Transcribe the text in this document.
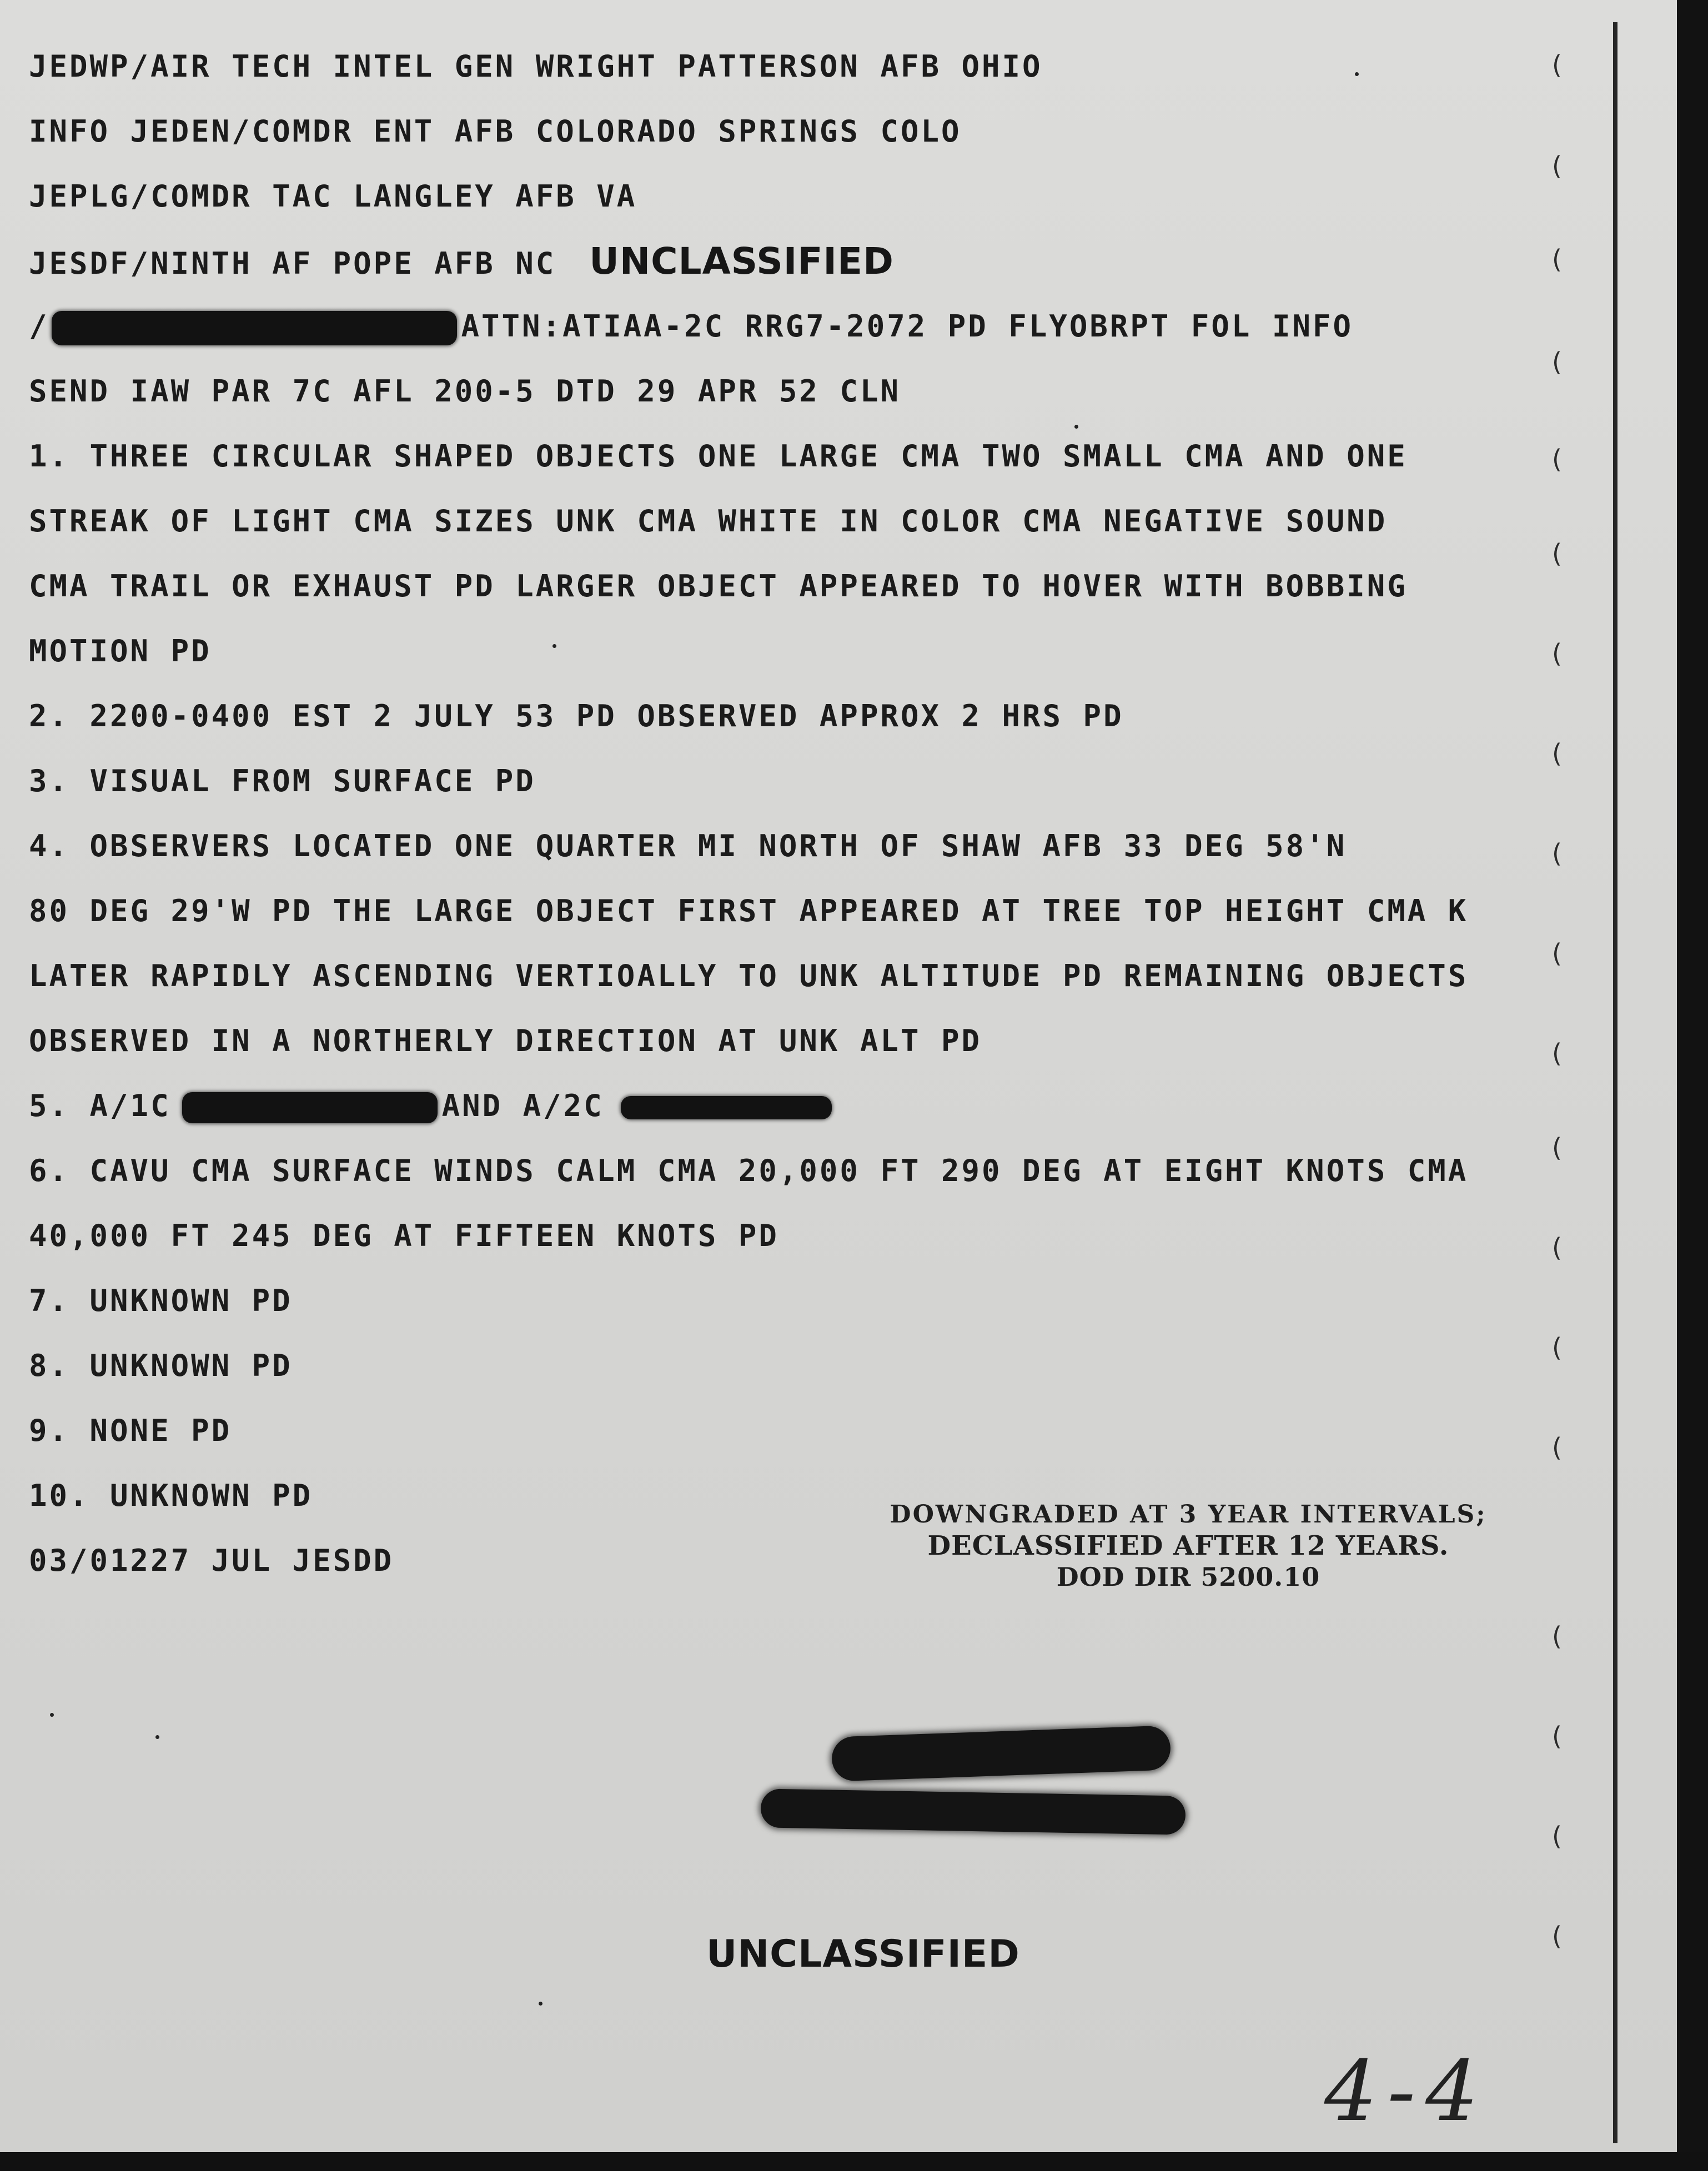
JEDWP/AIR TECH INTEL GEN WRIGHT PATTERSON AFB OHIO
INFO JEDEN/COMDR ENT AFB COLORADO SPRINGS COLO
JEPLG/COMDR TAC LANGLEY AFB VA
JESDF/NINTH AF POPE AFB NC UNCLASSIFIED
/	ATTN:ATIAA-2C RRG7-2072 PD FLYOBRPT FOL INFO
SEND IAW PAR 7C AFL 200-5 DTD 29 APR 52 CLN
1. THREE CIRCULAR SHAPED OBJECTS ONE LARGE CMA TWO SMALL CMA AND ONE
STREAK OF LIGHT CMA SIZES UNK CMA WHITE IN COLOR CMA NEGATIVE SOUND
CMA TRAIL OR EXHAUST PD LARGER OBJECT APPEARED TO HOVER WITH BOBBING
MOTION PD
2. 2200-0400 EST 2 JULY 53 PD OBSERVED APPROX 2 HRS PD
3. VISUAL FROM SURFACE PD
4. OBSERVERS LOCATED ONE QUARTER MI NORTH OF SHAW AFB 33 DEG 58'N
80 DEG 29'W PD THE LARGE OBJECT FIRST APPEARED AT TREE TOP HEIGHT CMA K
LATER RAPIDLY ASCENDING VERTIOALLY TO UNK ALTITUDE PD REMAINING OBJECTS
OBSERVED IN A NORTHERLY DIRECTION AT UNK ALT PD
5. A/1C	AND A/2C
6. CAVU CMA SURFACE WINDS CALM CMA 20,000 FT 290 DEG AT EIGHT KNOTS CMA
40,000 FT 245 DEG AT FIFTEEN KNOTS PD
7. UNKNOWN PD
8. UNKNOWN PD
9. NONE PD
10. UNKNOWN PD
03/01227 JUL JESDD
DOWNGRADED AT 3 YEAR INTERVALS;
DECLASSIFIED AFTER 12 YEARS.
DOD DIR 5200.10
UNCLASSIFIED
4-4
(
(
(
(
(
(
(
(
(
(
(
(
(
(
(
(
(
(
(
